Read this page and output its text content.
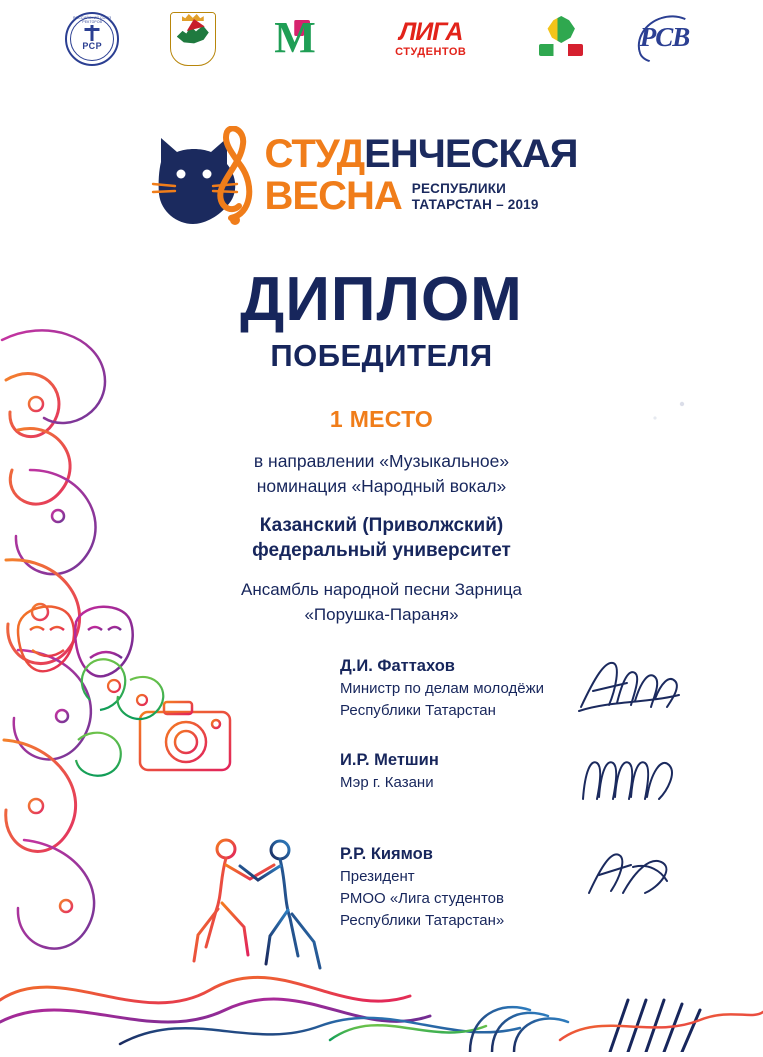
РОССИЙСКИЙ СОЮЗ РЕКТОРОВ
РСР	М	ЛИГА
СТУДЕНТОВ	РСВ
СТУДЕНЧЕСКАЯ
ВЕСНА РЕСПУБЛИКИ
ТАТАРСТАН – 2019
ДИПЛОМ
ПОБЕДИТЕЛЯ
1 МЕСТО
в направлении «Музыкальное»
номинация «Народный вокал»
Казанский (Приволжский)
федеральный университет
Ансамбль народной песни Зарница
«Порушка-Параня»
Д.И. Фаттахов
Министр по делам молодёжи
Республики Татарстан
И.Р. Метшин
Мэр г. Казани
Р.Р. Киямов
Президент
РМОО «Лига студентов
Республики Татарстан»
